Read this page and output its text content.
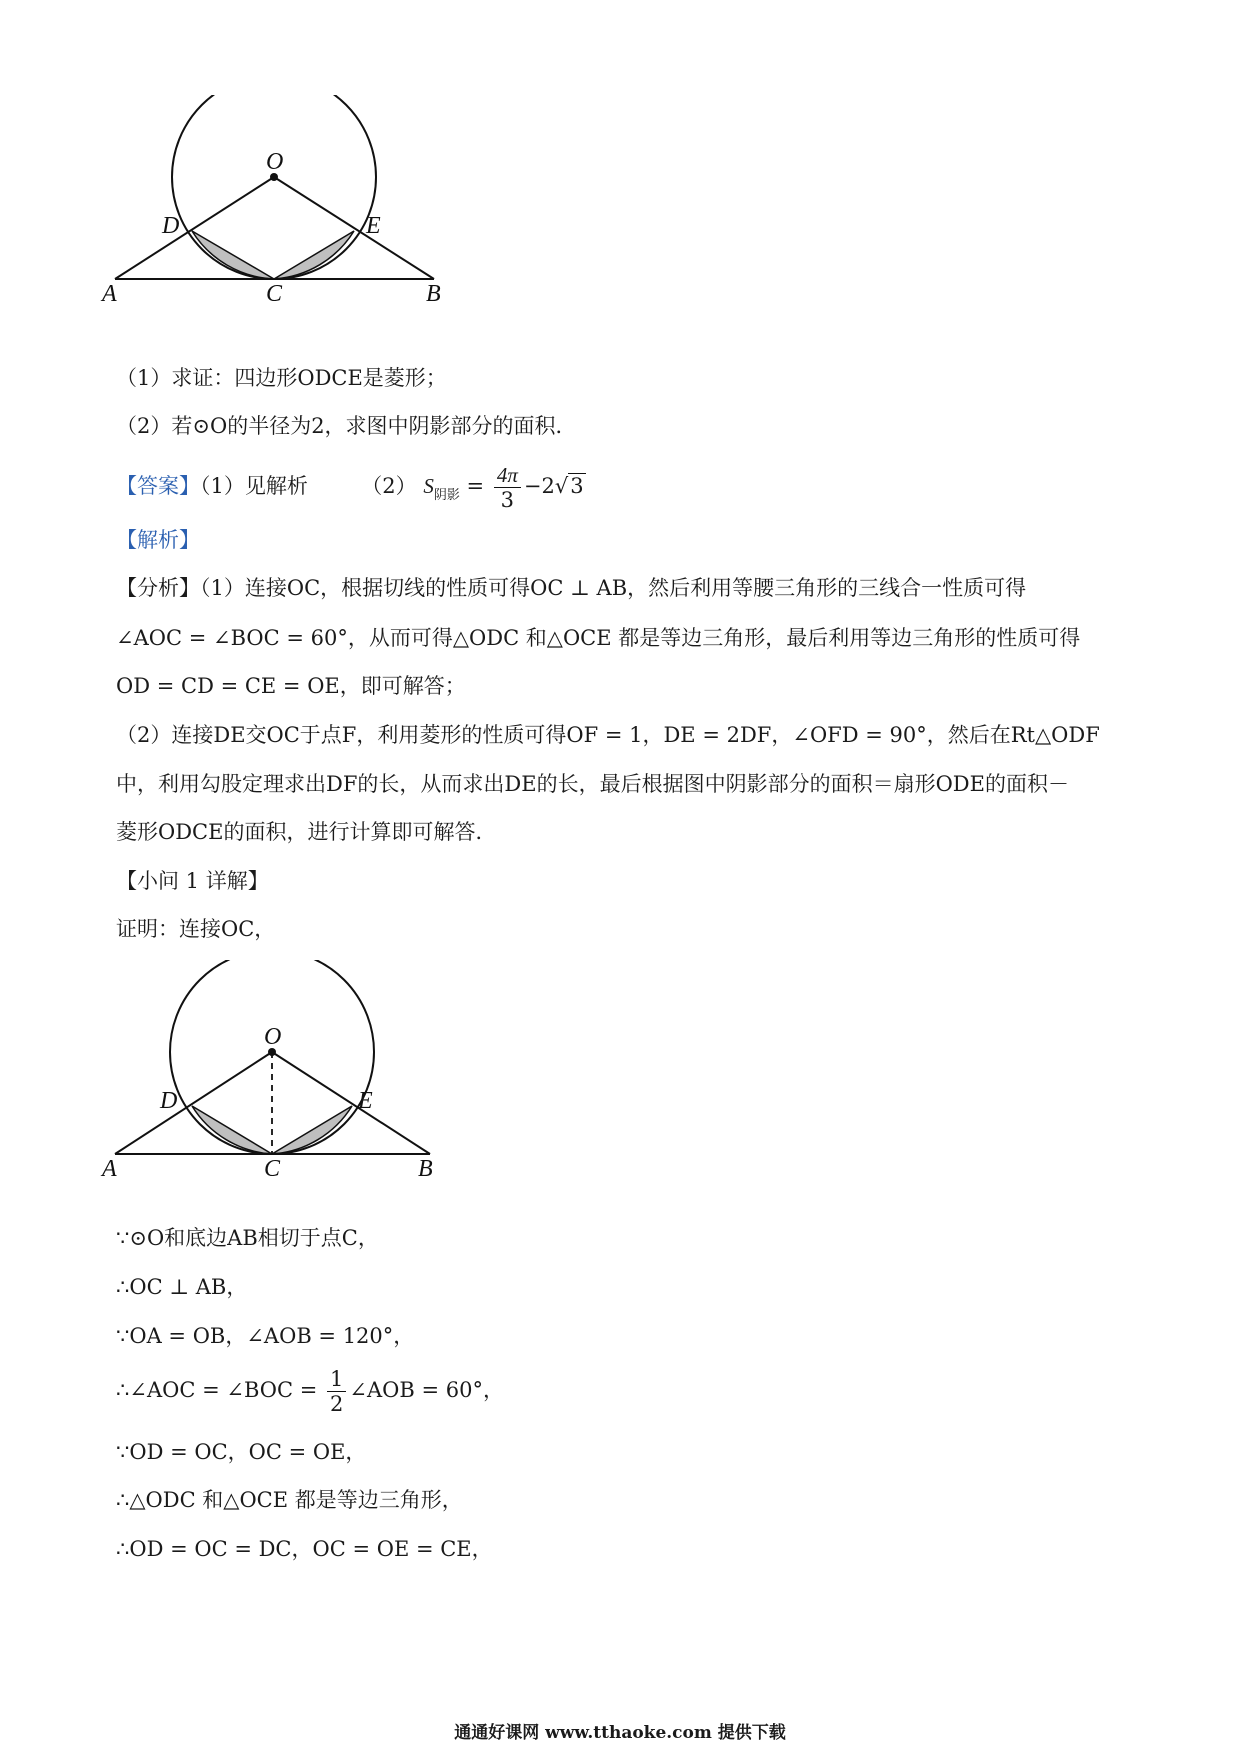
O
D	E
A	C	B
（1）求证：四边形ODCE是菱形；
（2）若⊙O的半径为2，求图中阴影部分的面积．
【答案】（1）见解析	（2） $S_{阴影} = \frac{4\pi}{3} -2√3$
【解析】
【分析】（1）连接OC，根据切线的性质可得OC ⊥ AB，然后利用等腰三角形的三线合一性质可得
∠AOC = ∠BOC = 60°，从而可得△ODC 和△OCE 都是等边三角形，最后利用等边三角形的性质可得
OD = CD = CE = OE，即可解答；
（2）连接DE交OC于点F，利用菱形的性质可得OF = 1，DE = 2DF，∠OFD = 90°，然后在Rt△ODF
中，利用勾股定理求出DF的长，从而求出DE的长，最后根据图中阴影部分的面积＝扇形ODE的面积－
菱形ODCE的面积，进行计算即可解答．
【小问 1 详解】
证明：连接OC，
O
D	E
A	C	B
∵⊙O和底边AB相切于点C，
∴OC ⊥ AB，
∵OA = OB，∠AOB = 120°，
∴∠AOC = ∠BOC = $\frac{1}{2}$ ∠AOB = 60°，
∵OD = OC，OC = OE，
∴△ODC 和△OCE 都是等边三角形，
∴OD = OC = DC，OC = OE = CE，
通通好课网 www.tthaoke.com 提供下载
